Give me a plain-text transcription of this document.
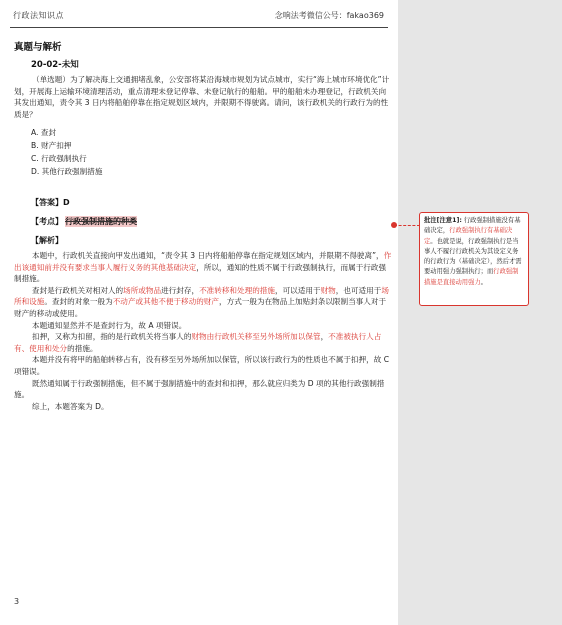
行政法知识点	念响法考微信公号：fakao369
真题与解析
20-02-未知
（单选题）为了解决海上交通拥堵乱象，公安部将某沿海城市规划为试点城市，实行“海上城市环境优化”计划，开展海上运输环境清理活动，重点清理未登记停靠、未登记航行的船舶。甲的船舶未办理登记，行政机关向其发出通知，责令其 3 日内将船舶停靠在指定规划区域内，并限期不得驶离。请问，该行政机关的行政行为的性质是？
A. 查封
B. 财产扣押
C. 行政强制执行
D. 其他行政强制措施
【答案】D
【考点】 行政强制措施的种类
【解析】

本题中，行政机关直接向甲发出通知，“责令其 3 日内将船舶停靠在指定规划区域内，并限期不得驶离”，作出该通知前并没有要求当事人履行义务的其他基础决定，所以，通知的性质不属于行政强制执行，而属于行政强制措施。

查封是行政机关对相对人的场所或物品进行封存，不准转移和处理的措施，可以适用于财物，也可适用于场所和设施。查封的对象一般为不动产或其他不便于移动的财产，方式一般为在物品上加贴封条以限制当事人对于财产的移动或使用。

本题通知显然并不是查封行为，故 A 项错误。

扣押，又称为扣留，指的是行政机关将当事人的财物由行政机关移至另外场所加以保管，不准被执行人占有、使用和处分的措施。

本题并没有将甲的船舶转移占有，没有移至另外场所加以保管，所以该行政行为的性质也不属于扣押，故 C 项错误。

既然通知属于行政强制措施，但不属于强制措施中的查封和扣押，那么就应归类为 D 项的其他行政强制措施。

综上，本题答案为 D。

3
批注[注意1]: 行政强制措施没有基础决定，行政强制执行有基础决定。也就是说，行政强制执行是当事人不履行行政机关为其设定义务的行政行为（基础决定），然后才需要动用强力强制执行；而行政强制措施是直接动用强力。
